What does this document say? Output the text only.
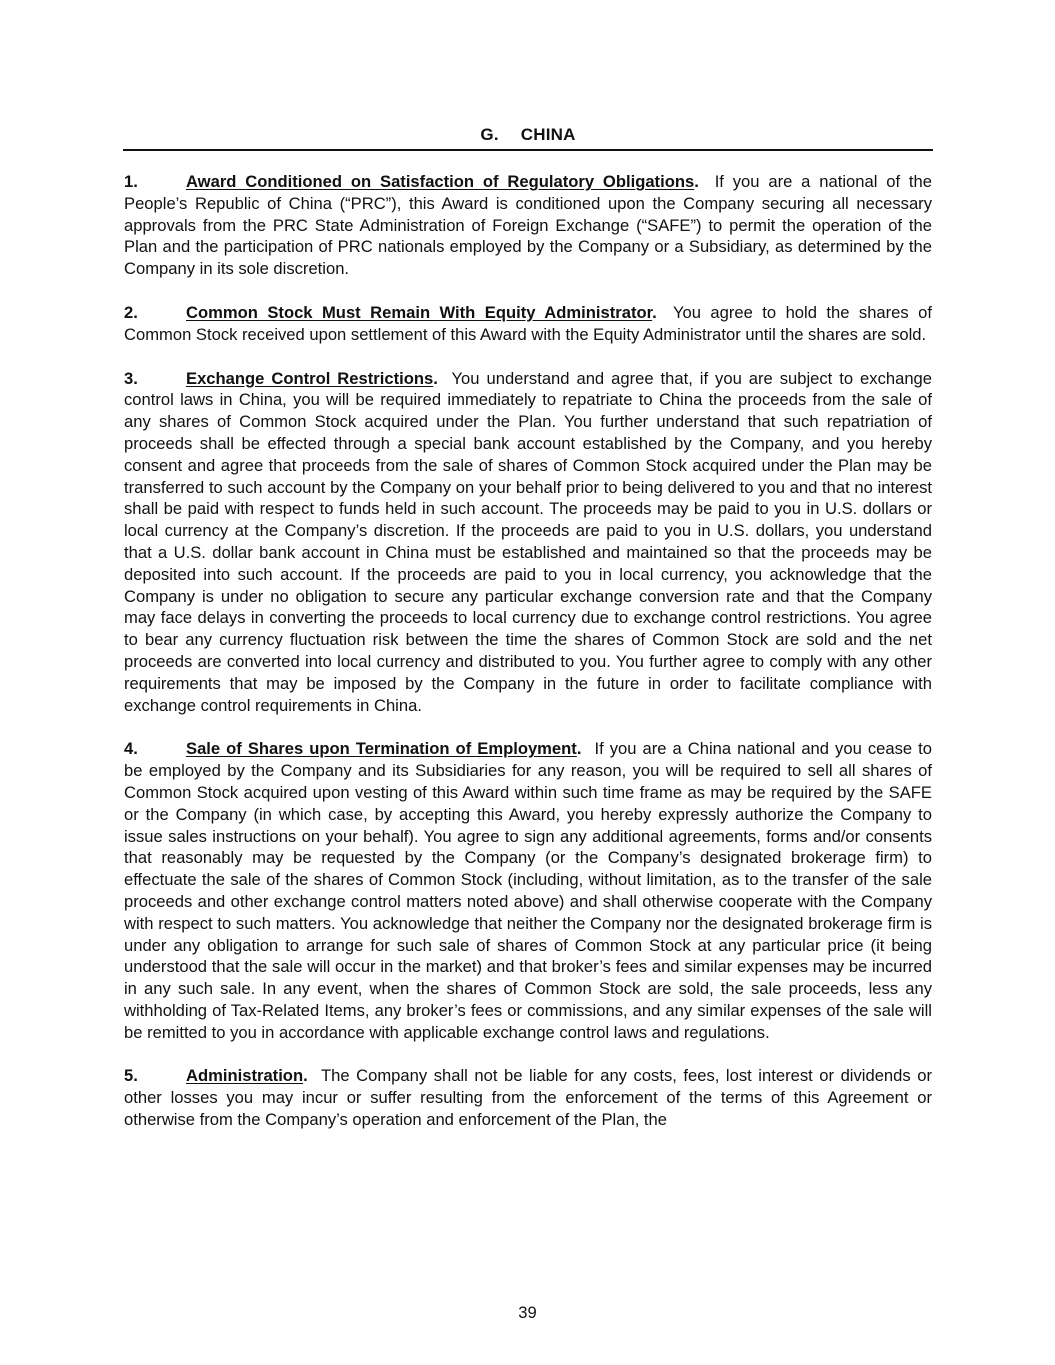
G. CHINA

1.	Award Conditioned on Satisfaction of Regulatory Obligations. If you are a national of the People’s Republic of China (“PRC”), this Award is conditioned upon the Company securing all necessary approvals from the PRC State Administration of Foreign Exchange (“SAFE”) to permit the operation of the Plan and the participation of PRC nationals employed by the Company or a Subsidiary, as determined by the Company in its sole discretion.

2.	Common Stock Must Remain With Equity Administrator. You agree to hold the shares of Common Stock received upon settlement of this Award with the Equity Administrator until the shares are sold.

3.	Exchange Control Restrictions. You understand and agree that, if you are subject to exchange control laws in China, you will be required immediately to repatriate to China the proceeds from the sale of any shares of Common Stock acquired under the Plan. You further understand that such repatriation of proceeds shall be effected through a special bank account established by the Company, and you hereby consent and agree that proceeds from the sale of shares of Common Stock acquired under the Plan may be transferred to such account by the Company on your behalf prior to being delivered to you and that no interest shall be paid with respect to funds held in such account. The proceeds may be paid to you in U.S. dollars or local currency at the Company’s discretion. If the proceeds are paid to you in U.S. dollars, you understand that a U.S. dollar bank account in China must be established and maintained so that the proceeds may be deposited into such account. If the proceeds are paid to you in local currency, you acknowledge that the Company is under no obligation to secure any particular exchange conversion rate and that the Company may face delays in converting the proceeds to local currency due to exchange control restrictions. You agree to bear any currency fluctuation risk between the time the shares of Common Stock are sold and the net proceeds are converted into local currency and distributed to you. You further agree to comply with any other requirements that may be imposed by the Company in the future in order to facilitate compliance with exchange control requirements in China.

4.	Sale of Shares upon Termination of Employment. If you are a China national and you cease to be employed by the Company and its Subsidiaries for any reason, you will be required to sell all shares of Common Stock acquired upon vesting of this Award within such time frame as may be required by the SAFE or the Company (in which case, by accepting this Award, you hereby expressly authorize the Company to issue sales instructions on your behalf). You agree to sign any additional agreements, forms and/or consents that reasonably may be requested by the Company (or the Company’s designated brokerage firm) to effectuate the sale of the shares of Common Stock (including, without limitation, as to the transfer of the sale proceeds and other exchange control matters noted above) and shall otherwise cooperate with the Company with respect to such matters. You acknowledge that neither the Company nor the designated brokerage firm is under any obligation to arrange for such sale of shares of Common Stock at any particular price (it being understood that the sale will occur in the market) and that broker’s fees and similar expenses may be incurred in any such sale. In any event, when the shares of Common Stock are sold, the sale proceeds, less any withholding of Tax-Related Items, any broker’s fees or commissions, and any similar expenses of the sale will be remitted to you in accordance with applicable exchange control laws and regulations.

5.	Administration. The Company shall not be liable for any costs, fees, lost interest or dividends or other losses you may incur or suffer resulting from the enforcement of the terms of this Agreement or otherwise from the Company’s operation and enforcement of the Plan, the

39
